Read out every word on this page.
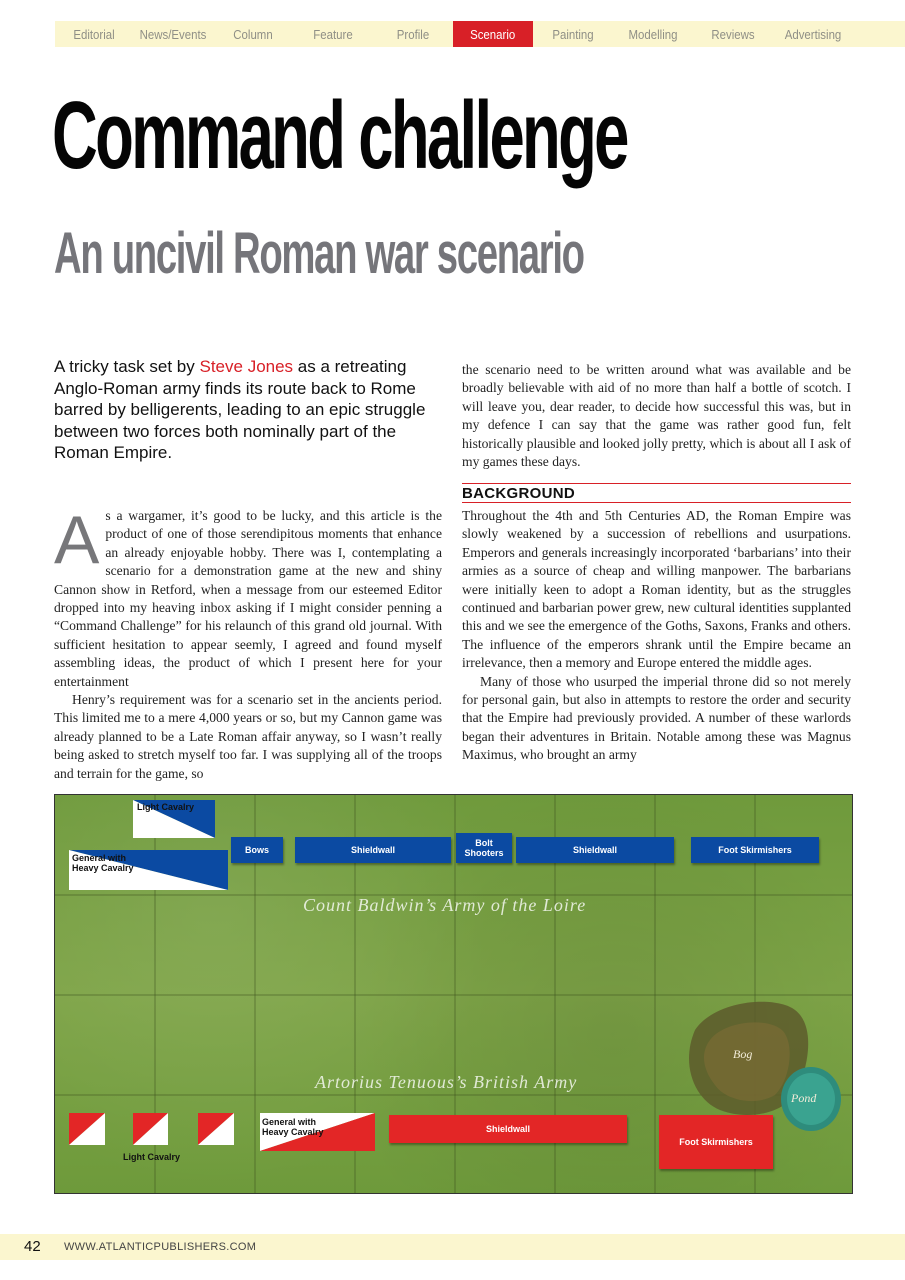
Editorial	News/Events	Column	Feature	Profile	Scenario	Painting	Modelling	Reviews	Advertising
Command challenge
An uncivil Roman war scenario
A tricky task set by Steve Jones as a retreating Anglo-Roman army finds its route back to Rome barred by belligerents, leading to an epic struggle between two forces both nominally part of the Roman Empire.

As a wargamer, it’s good to be lucky, and this article is the product of one of those serendipitous moments that enhance an already enjoyable hobby. There was I, contemplating a scenario for a demonstration game at the new and shiny Cannon show in Retford, when a message from our esteemed Editor dropped into my heaving inbox asking if I might consider penning a “Command Challenge” for his relaunch of this grand old journal. With sufficient hesitation to appear seemly, I agreed and found myself assembling ideas, the product of which I present here for your entertainment

Henry’s requirement was for a scenario set in the ancients period. This limited me to a mere 4,000 years or so, but my Cannon game was already planned to be a Late Roman affair anyway, so I wasn’t really being asked to stretch myself too far. I was supplying all of the troops and terrain for the game, so

the scenario need to be written around what was available and be broadly believable with aid of no more than half a bottle of scotch. I will leave you, dear reader, to decide how successful this was, but in my defence I can say that the game was rather good fun, felt historically plausible and looked jolly pretty, which is about all I ask of my games these days.

BACKGROUND

Throughout the 4th and 5th Centuries AD, the Roman Empire was slowly weakened by a succession of rebellions and usurpations. Emperors and generals increasingly incorporated ‘barbarians’ into their armies as a source of cheap and willing manpower. The barbarians were initially keen to adopt a Roman identity, but as the struggles continued and barbarian power grew, new cultural identities supplanted this and we see the emergence of the Goths, Saxons, Franks and others. The influence of the emperors shrank until the Empire became an irrelevance, then a memory and Europe entered the middle ages.

Many of those who usurped the imperial throne did so not merely for personal gain, but also in attempts to restore the order and security that the Empire had previously provided. A number of these warlords began their adventures in Britain. Notable among these was Magnus Maximus, who brought an army

Light Cavalry
General with Heavy Cavalry
Bows	Shieldwall
Bolt Shooters	Shieldwall	Foot Skirmishers
Count Baldwin’s Army of the Loire
Artorius Tenuous’s British Army
Bog
Pond
General with Heavy Cavalry	Shieldwall
Foot Skirmishers
Light Cavalry
42 WWW.ATLANTICPUBLISHERS.COM
